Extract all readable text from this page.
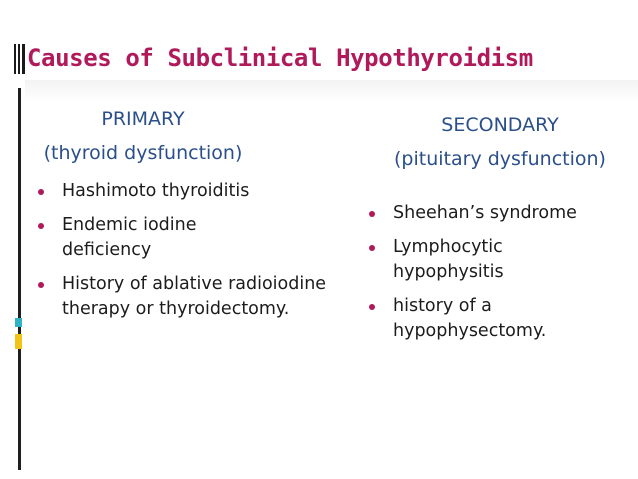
Causes of Subclinical Hypothyroidism

PRIMARY

(thyroid dysfunction)

SECONDARY

(pituitary dysfunction)

Hashimoto thyroiditis
Endemic iodine deficiency
History of ablative radioiodine therapy or thyroidectomy.
Sheehan’s syndrome
Lymphocytic hypophysitis
history of a hypophysectomy.
